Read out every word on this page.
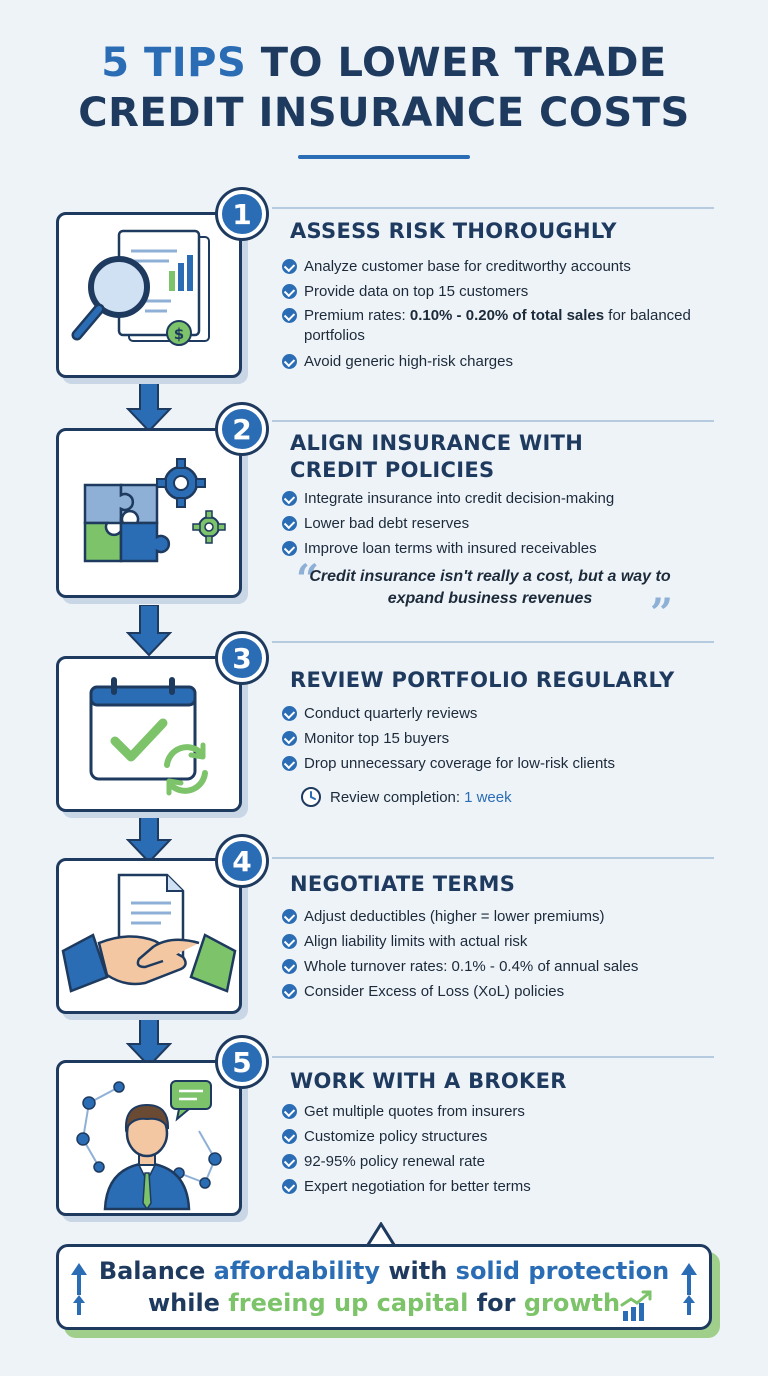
5 TIPS TO LOWER TRADE
CREDIT INSURANCE COSTS
$
1
ASSESS RISK THOROUGHLY
Analyze customer base for creditworthy accounts
Provide data on top 15 customers
Premium rates: 0.10% - 0.20% of total sales for balanced portfolios
Avoid generic high-risk charges
2	ALIGN INSURANCE WITH
CREDIT POLICIES
Integrate insurance into credit decision-making
Lower bad debt reserves
Improve loan terms with insured receivables
“
Credit insurance isn't really a cost, but a way to expand business revenues	”
3
REVIEW PORTFOLIO REGULARLY
Conduct quarterly reviews
Monitor top 15 buyers
Drop unnecessary coverage for low-risk clients
Review completion: 1 week
4
NEGOTIATE TERMS
Adjust deductibles (higher = lower premiums)
Align liability limits with actual risk
Whole turnover rates: 0.1% - 0.4% of annual sales
Consider Excess of Loss (XoL) policies
5
WORK WITH A BROKER
Get multiple quotes from insurers
Customize policy structures
92-95% policy renewal rate
Expert negotiation for better terms
Balance affordability with solid protection
while freeing up capital for growth
